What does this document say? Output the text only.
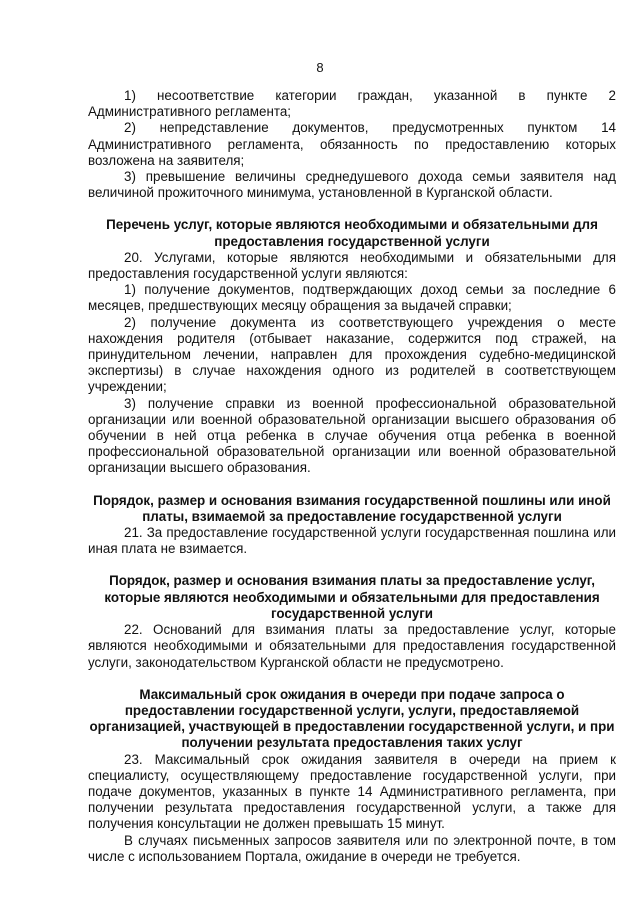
8

1) несоответствие категории граждан, указанной в пункте 2 Административного регламента;

2) непредставление документов, предусмотренных пунктом 14 Административного регламента, обязанность по предоставлению которых возложена на заявителя;

3) превышение величины среднедушевого дохода семьи заявителя над величиной прожиточного минимума, установленной в Курганской области.

Перечень услуг, которые являются необходимыми и обязательными для предоставления государственной услуги

20. Услугами, которые являются необходимыми и обязательными для предоставления государственной услуги являются:

1) получение документов, подтверждающих доход семьи за последние 6 месяцев, предшествующих месяцу обращения за выдачей справки;

2) получение документа из соответствующего учреждения о месте нахождения родителя (отбывает наказание, содержится под стражей, на принудительном лечении, направлен для прохождения судебно-медицинской экспертизы) в случае нахождения одного из родителей в соответствующем учреждении;

3) получение справки из военной профессиональной образовательной организации или военной образовательной организации высшего образования об обучении в ней отца ребенка в случае обучения отца ребенка в военной профессиональной образовательной организации или военной образовательной организации высшего образования.

Порядок, размер и основания взимания государственной пошлины или иной платы, взимаемой за предоставление государственной услуги

21. За предоставление государственной услуги государственная пошлина или иная плата не взимается.

Порядок, размер и основания взимания платы за предоставление услуг, которые являются необходимыми и обязательными для предоставления государственной услуги

22. Оснований для взимания платы за предоставление услуг, которые являются необходимыми и обязательными для предоставления государственной услуги, законодательством Курганской области не предусмотрено.

Максимальный срок ожидания в очереди при подаче запроса о предоставлении государственной услуги, услуги, предоставляемой организацией, участвующей в предоставлении государственной услуги, и при получении результата предоставления таких услуг

23. Максимальный срок ожидания заявителя в очереди на прием к специалисту, осуществляющему предоставление государственной услуги, при подаче документов, указанных в пункте 14 Административного регламента, при получении результата предоставления государственной услуги, а также для получения консультации не должен превышать 15 минут.

В случаях письменных запросов заявителя или по электронной почте, в том числе с использованием Портала, ожидание в очереди не требуется.
